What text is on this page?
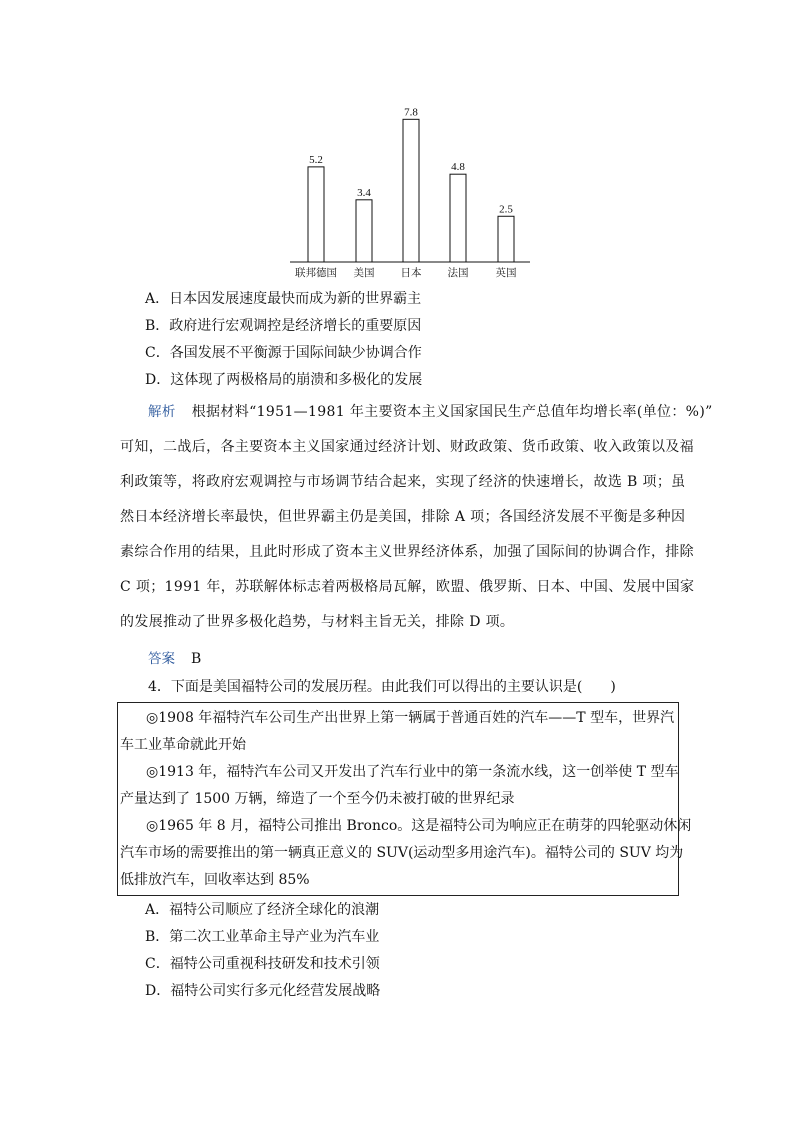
5.2
联邦德国
3.4
美国
7.8
日本
4.8
法国
2.5
英国
A．日本因发展速度最快而成为新的世界霸主
B．政府进行宏观调控是经济增长的重要原因
C．各国发展不平衡源于国际间缺少协调合作
D．这体现了两极格局的崩溃和多极化的发展
解析 根据材料“1951—1981 年主要资本主义国家国民生产总值年均增长率(单位：%)”
可知，二战后，各主要资本主义国家通过经济计划、财政政策、货币政策、收入政策以及福
利政策等，将政府宏观调控与市场调节结合起来，实现了经济的快速增长，故选 B 项；虽
然日本经济增长率最快，但世界霸主仍是美国，排除 A 项；各国经济发展不平衡是多种因
素综合作用的结果，且此时形成了资本主义世界经济体系，加强了国际间的协调合作，排除
C 项；1991 年，苏联解体标志着两极格局瓦解，欧盟、俄罗斯、日本、中国、发展中国家
的发展推动了世界多极化趋势，与材料主旨无关，排除 D 项。
答案 B
4．下面是美国福特公司的发展历程。由此我们可以得出的主要认识是(　　)
◎1908 年福特汽车公司生产出世界上第一辆属于普通百姓的汽车——T 型车，世界汽
车工业革命就此开始
◎1913 年，福特汽车公司又开发出了汽车行业中的第一条流水线，这一创举使 T 型车
产量达到了 1500 万辆，缔造了一个至今仍未被打破的世界纪录
◎1965 年 8 月，福特公司推出 Bronco。这是福特公司为响应正在萌芽的四轮驱动休闲
汽车市场的需要推出的第一辆真正意义的 SUV(运动型多用途汽车)。福特公司的 SUV 均为
低排放汽车，回收率达到 85%
A．福特公司顺应了经济全球化的浪潮
B．第二次工业革命主导产业为汽车业
C．福特公司重视科技研发和技术引领
D．福特公司实行多元化经营发展战略
